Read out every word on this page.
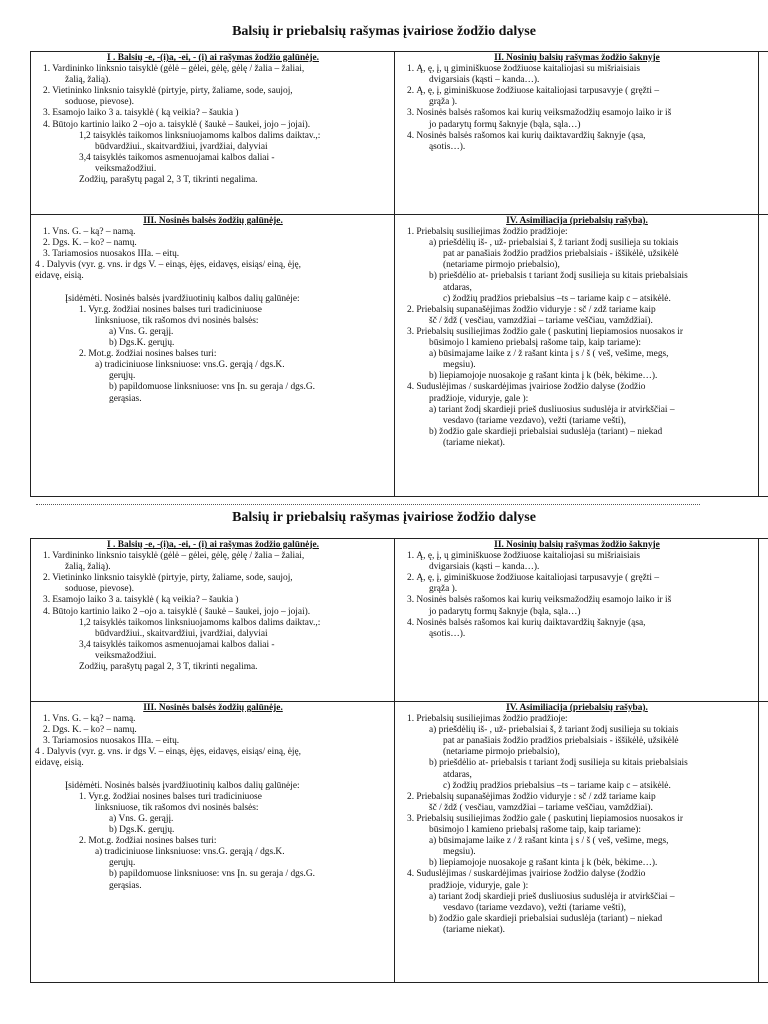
Balsių ir priebalsių rašymas įvairiose žodžio dalyse
I . Balsių -e, -(i)a, -ei, - (i) ai rašymas žodžio galūnėje.
1. Vardininko linksnio taisyklė (gėlė – gėlei, gėlę, gėlę / žalia – žaliai,
žalią, žalią).
2. Vietininko linksnio taisyklė (pirtyje, pirty, žaliame, sode, saujoj,
soduose, pievose).
3. Esamojo laiko 3 a. taisyklė ( ką veikia? – šaukia )
4. Būtojo kartinio laiko 2 –ojo a. taisyklė ( šaukė – šaukei, jojo – jojai).
1,2 taisyklės taikomos linksniuojamoms kalbos dalims daiktav.,:
būdvardžiui., skaitvardžiui, įvardžiai, dalyviai
3,4 taisyklės taikomos asmenuojamai kalbos daliai -
veiksmažodžiui.
Žodžių, parašytų pagal 2, 3 T, tikrinti negalima.
II. Nosinių balsių rašymas žodžio šaknyje
1. Ą, ę, į, ų giminiškuose žodžiuose kaitaliojasi su mišriaisiais
dvigarsiais (kąsti – kanda…).
2. Ą, ę, į, giminiškuose žodžiuose kaitaliojasi tarpusavyje ( gręžti –
grąža ).
3. Nosinės balsės rašomos kai kurių veiksmažodžių esamojo laiko ir iš
jo padarytų formų šaknyje (bąla, sąla…)
4. Nosinės balsės rašomos kai kurių daiktavardžių šaknyje (ąsa,
ąsotis…).
III. Nosinės balsės žodžių galūnėje.
1. Vns. G. – ką? – namą.
2. Dgs. K. – ko? – namų.
3. Tariamosios nuosakos IIIa. – eitų.
4 . Dalyvis (vyr. g. vns. ir dgs V. – einąs, ėjęs, eidavęs, eisiąs/ einą, ėję,
eidavę, eisią.

Įsidėmėti. Nosinės balsės įvardžiuotinių kalbos dalių galūnėje:
1. Vyr.g. žodžiai nosines balses turi tradiciniuose
linksniuose, tik rašomos dvi nosinės balsės:
a) Vns. G. gerąjį.
b) Dgs.K. gerųjų.
2. Mot.g. žodžiai nosines balses turi:
a) tradiciniuose linksniuose: vns.G. gerąją / dgs.K.
gerųjų.
b) papildomuose linksniuose: vns Įn. su geraja / dgs.G.
gerąsias.
IV. Asimiliacija (priebalsių rašyba).
1. Priebalsių susiliejimas žodžio pradžioje:
a) priešdėlių iš- , už- priebalsiai š, ž tariant žodį susilieja su tokiais
pat ar panašiais žodžio pradžios priebalsiais - iššikėlė, užsikėlė
(netariame pirmojo priebalsio),
b) priešdėlio at- priebalsis t tariant žodį susilieja su kitais priebalsiais
atdaras,
c) žodžių pradžios priebalsius –ts – tariame kaip c – atsikėlė.
2. Priebalsių supanašėjimas žodžio viduryje : sč / zdž tariame kaip
šč / ždž ( vesčiau, vamzdžiai – tariame veščiau, vamždžiai).
3. Priebalsių susiliejimas žodžio gale ( paskutinį liepiamosios nuosakos ir
būsimojo l kamieno priebalsį rašome taip, kaip tariame):
a) būsimajame laike z / ž rašant kinta į s / š ( veš, vešime, megs,
megsiu).
b) liepiamojoje nuosakoje g rašant kinta į k (bėk, bėkime…).
4. Suduslėjimas / suskardėjimas įvairiose žodžio dalyse (žodžio
pradžioje, viduryje, gale ):
a) tariant žodį skardieji prieš dusliuosius suduslėja ir atvirkščiai –
vesdavo (tariame vezdavo), vežti (tariame vešti),
b) žodžio gale skardieji priebalsiai suduslėja (tariant) – niekad
(tariame niekat).
Balsių ir priebalsių rašymas įvairiose žodžio dalyse
I . Balsių -e, -(i)a, -ei, - (i) ai rašymas žodžio galūnėje.
1. Vardininko linksnio taisyklė (gėlė – gėlei, gėlę, gėlę / žalia – žaliai,
žalią, žalią).
2. Vietininko linksnio taisyklė (pirtyje, pirty, žaliame, sode, saujoj,
soduose, pievose).
3. Esamojo laiko 3 a. taisyklė ( ką veikia? – šaukia )
4. Būtojo kartinio laiko 2 –ojo a. taisyklė ( šaukė – šaukei, jojo – jojai).
1,2 taisyklės taikomos linksniuojamoms kalbos dalims daiktav.,:
būdvardžiui., skaitvardžiui, įvardžiai, dalyviai
3,4 taisyklės taikomos asmenuojamai kalbos daliai -
veiksmažodžiui.
Žodžių, parašytų pagal 2, 3 T, tikrinti negalima.
II. Nosinių balsių rašymas žodžio šaknyje
1. Ą, ę, į, ų giminiškuose žodžiuose kaitaliojasi su mišriaisiais
dvigarsiais (kąsti – kanda…).
2. Ą, ę, į, giminiškuose žodžiuose kaitaliojasi tarpusavyje ( gręžti –
grąža ).
3. Nosinės balsės rašomos kai kurių veiksmažodžių esamojo laiko ir iš
jo padarytų formų šaknyje (bąla, sąla…)
4. Nosinės balsės rašomos kai kurių daiktavardžių šaknyje (ąsa,
ąsotis…).
III. Nosinės balsės žodžių galūnėje.
1. Vns. G. – ką? – namą.
2. Dgs. K. – ko? – namų.
3. Tariamosios nuosakos IIIa. – eitų.
4 . Dalyvis (vyr. g. vns. ir dgs V. – einąs, ėjęs, eidavęs, eisiąs/ einą, ėję,
eidavę, eisią.

Įsidėmėti. Nosinės balsės įvardžiuotinių kalbos dalių galūnėje:
1. Vyr.g. žodžiai nosines balses turi tradiciniuose
linksniuose, tik rašomos dvi nosinės balsės:
a) Vns. G. gerąjį.
b) Dgs.K. gerųjų.
2. Mot.g. žodžiai nosines balses turi:
a) tradiciniuose linksniuose: vns.G. gerąją / dgs.K.
gerųjų.
b) papildomuose linksniuose: vns Įn. su geraja / dgs.G.
gerąsias.
IV. Asimiliacija (priebalsių rašyba).
1. Priebalsių susiliejimas žodžio pradžioje:
a) priešdėlių iš- , už- priebalsiai š, ž tariant žodį susilieja su tokiais
pat ar panašiais žodžio pradžios priebalsiais - iššikėlė, užsikėlė
(netariame pirmojo priebalsio),
b) priešdėlio at- priebalsis t tariant žodį susilieja su kitais priebalsiais
atdaras,
c) žodžių pradžios priebalsius –ts – tariame kaip c – atsikėlė.
2. Priebalsių supanašėjimas žodžio viduryje : sč / zdž tariame kaip
šč / ždž ( vesčiau, vamzdžiai – tariame veščiau, vamždžiai).
3. Priebalsių susiliejimas žodžio gale ( paskutinį liepiamosios nuosakos ir
būsimojo l kamieno priebalsį rašome taip, kaip tariame):
a) būsimajame laike z / ž rašant kinta į s / š ( veš, vešime, megs,
megsiu).
b) liepiamojoje nuosakoje g rašant kinta į k (bėk, bėkime…).
4. Suduslėjimas / suskardėjimas įvairiose žodžio dalyse (žodžio
pradžioje, viduryje, gale ):
a) tariant žodį skardieji prieš dusliuosius suduslėja ir atvirkščiai –
vesdavo (tariame vezdavo), vežti (tariame vešti),
b) žodžio gale skardieji priebalsiai suduslėja (tariant) – niekad
(tariame niekat).
